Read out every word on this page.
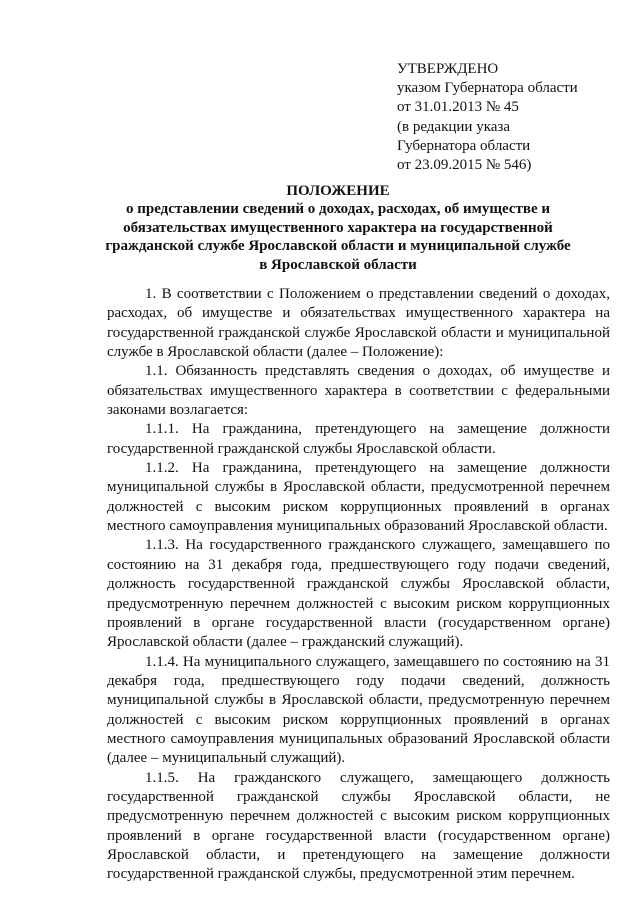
УТВЕРЖДЕНО
указом Губернатора области
от 31.01.2013 № 45
(в редакции указа
Губернатора области
от 23.09.2015 № 546)
ПОЛОЖЕНИЕ
о представлении сведений о доходах, расходах, об имуществе и
обязательствах имущественного характера на государственной
гражданской службе Ярославской области и муниципальной службе
в Ярославской области

1. В соответствии с Положением о представлении сведений о доходах, расходах, об имуществе и обязательствах имущественного характера на государственной гражданской службе Ярославской области и муниципальной службе в Ярославской области (далее – Положение):

1.1. Обязанность представлять сведения о доходах, об имуществе и обязательствах имущественного характера в соответствии с федеральными законами возлагается:

1.1.1. На гражданина, претендующего на замещение должности государственной гражданской службы Ярославской области.

1.1.2. На гражданина, претендующего на замещение должности муниципальной службы в Ярославской области, предусмотренной перечнем должностей с высоким риском коррупционных проявлений в органах местного самоуправления муниципальных образований Ярославской области.

1.1.3. На государственного гражданского служащего, замещавшего по состоянию на 31 декабря года, предшествующего году подачи сведений, должность государственной гражданской службы Ярославской области, предусмотренную перечнем должностей с высоким риском коррупционных проявлений в органе государственной власти (государственном органе) Ярославской области (далее – гражданский служащий).

1.1.4. На муниципального служащего, замещавшего по состоянию на 31 декабря года, предшествующего году подачи сведений, должность муниципальной службы в Ярославской области, предусмотренную перечнем должностей с высоким риском коррупционных проявлений в органах местного самоуправления муниципальных образований Ярославской области (далее – муниципальный служащий).

1.1.5. На гражданского служащего, замещающего должность государственной гражданской службы Ярославской области, не предусмотренную перечнем должностей с высоким риском коррупционных проявлений в органе государственной власти (государственном органе) Ярославской области, и претендующего на замещение должности государственной гражданской службы, предусмотренной этим перечнем.
